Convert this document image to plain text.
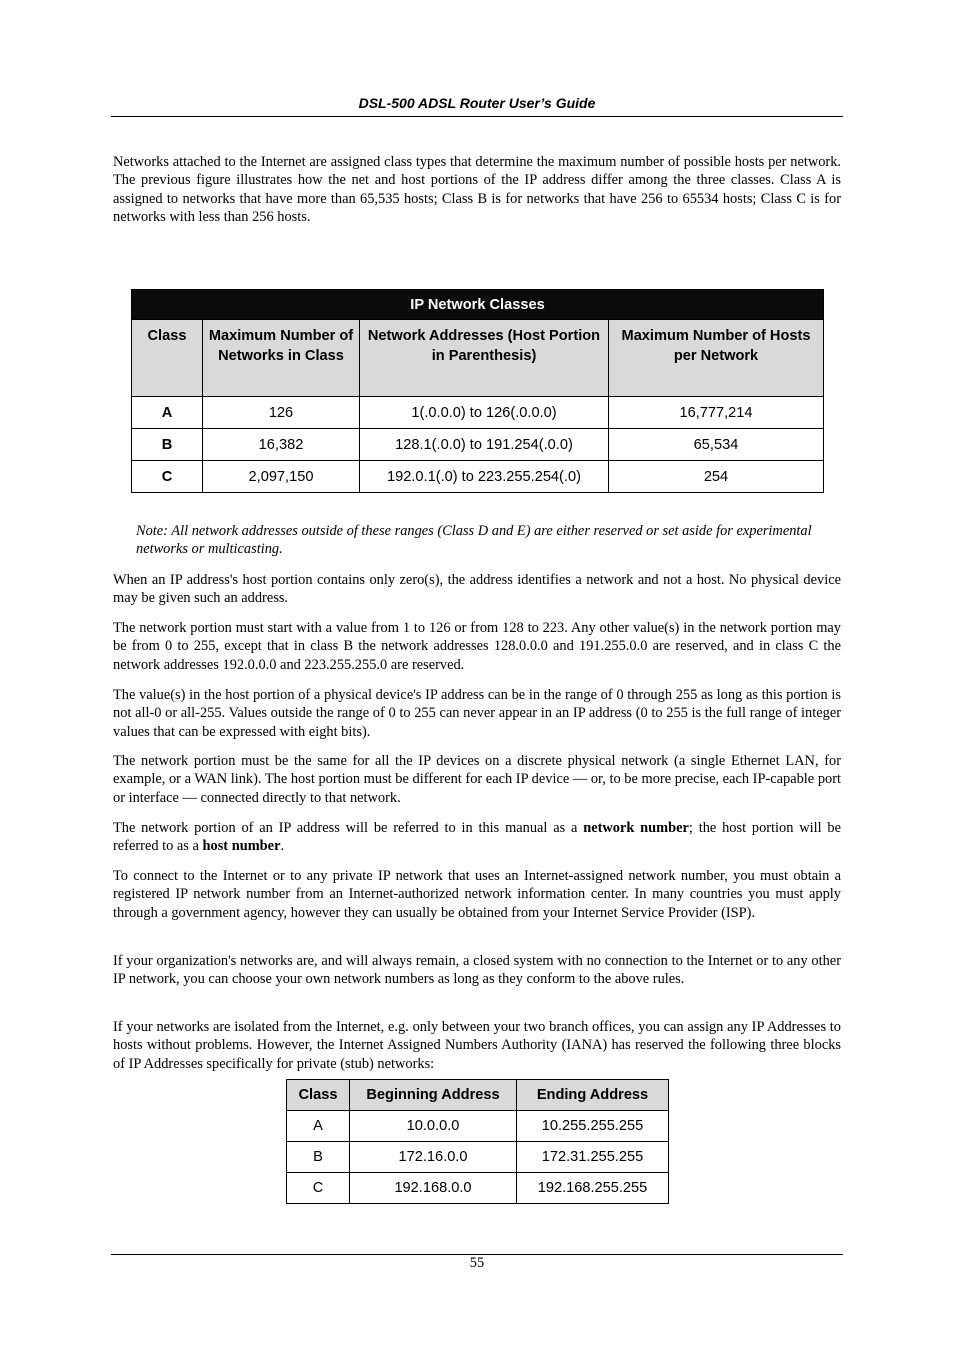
DSL-500 ADSL Router User’s Guide

Networks attached to the Internet are assigned class types that determine the maximum number of possible hosts per network. The previous figure illustrates how the net and host portions of the IP address differ among the three classes. Class A is assigned to networks that have more than 65,535 hosts; Class B is for networks that have 256 to 65534 hosts; Class C is for networks with less than 256 hosts.

IP Network Classes			
Class	Maximum Number of Networks in Class	Network Addresses (Host Portion in Parenthesis)	Maximum Number of Hosts per Network
A	126	1(.0.0.0) to 126(.0.0.0)	16,777,214
B	16,382	128.1(.0.0) to 191.254(.0.0)	65,534
C	2,097,150	192.0.1(.0) to 223.255.254(.0)	254

Note: All network addresses outside of these ranges (Class D and E) are either reserved or set aside for experimental networks or multicasting.

When an IP address's host portion contains only zero(s), the address identifies a network and not a host. No physical device may be given such an address.

The network portion must start with a value from 1 to 126 or from 128 to 223. Any other value(s) in the network portion may be from 0 to 255, except that in class B the network addresses 128.0.0.0 and 191.255.0.0 are reserved, and in class C the network addresses 192.0.0.0 and 223.255.255.0 are reserved.

The value(s) in the host portion of a physical device's IP address can be in the range of 0 through 255 as long as this portion is not all-0 or all-255. Values outside the range of 0 to 255 can never appear in an IP address (0 to 255 is the full range of integer values that can be expressed with eight bits).

The network portion must be the same for all the IP devices on a discrete physical network (a single Ethernet LAN, for example, or a WAN link). The host portion must be different for each IP device — or, to be more precise, each IP-capable port or interface — connected directly to that network.

The network portion of an IP address will be referred to in this manual as a network number; the host portion will be referred to as a host number.

To connect to the Internet or to any private IP network that uses an Internet-assigned network number, you must obtain a registered IP network number from an Internet-authorized network information center. In many countries you must apply through a government agency, however they can usually be obtained from your Internet Service Provider (ISP).

If your organization's networks are, and will always remain, a closed system with no connection to the Internet or to any other IP network, you can choose your own network numbers as long as they conform to the above rules.

If your networks are isolated from the Internet, e.g. only between your two branch offices, you can assign any IP Addresses to hosts without problems. However, the Internet Assigned Numbers Authority (IANA) has reserved the following three blocks of IP Addresses specifically for private (stub) networks:

Class	Beginning Address	Ending Address
A	10.0.0.0	10.255.255.255
B	172.16.0.0	172.31.255.255
C	192.168.0.0	192.168.255.255
55
